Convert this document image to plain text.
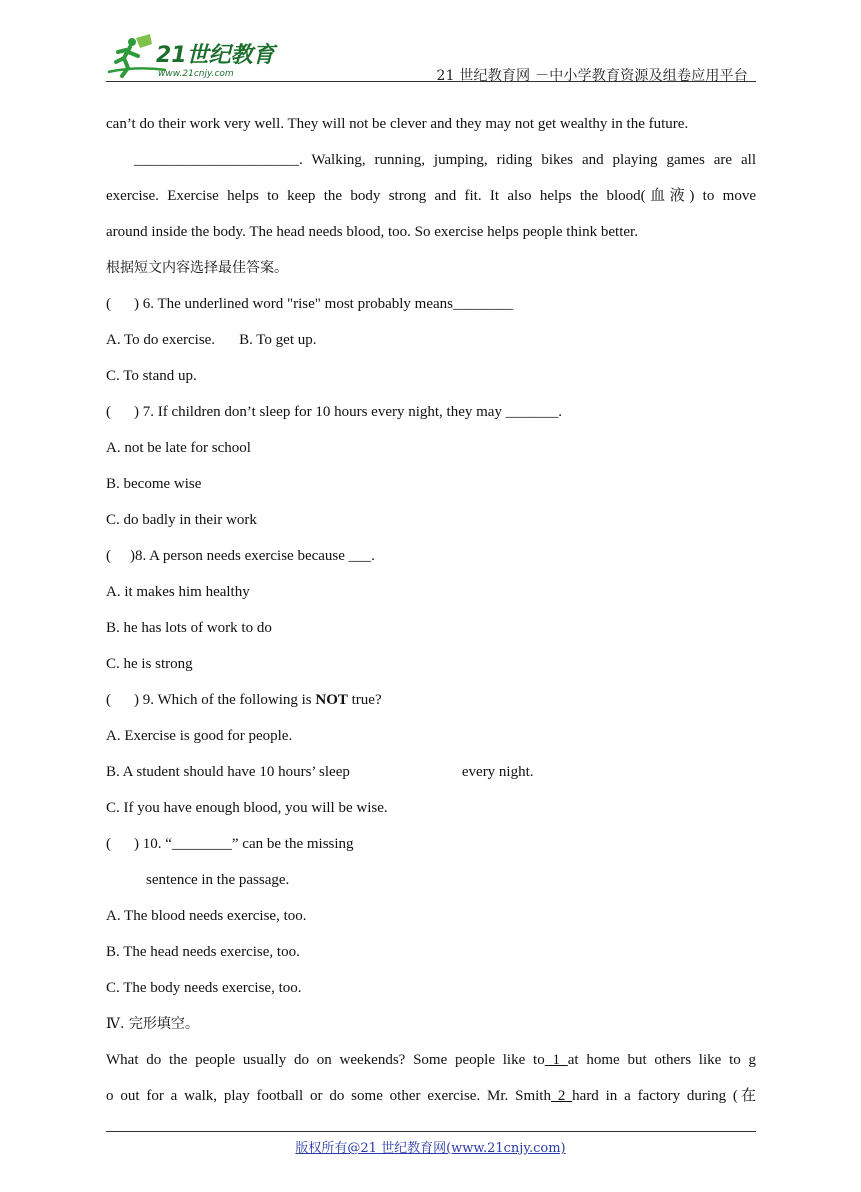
21世纪教育
www.21cnjy.com	21 世纪教育网 －中小学教育资源及组卷应用平台
can’t do their work very well. They will not be clever and they may not get wealthy in the future.
______________________. Walking, running, jumping, riding bikes and playing games are all
exercise. Exercise helps to keep the body strong and fit. It also helps the blood(血液) to move
around inside the body. The head needs blood, too. So exercise helps people think better.
根据短文内容选择最佳答案。
( ) 6. The underlined word "rise" most probably means________
A. To do exercise. B. To get up.
C. To stand up.
( ) 7. If children don’t sleep for 10 hours every night, they may _______.
A. not be late for school
B. become wise
C. do badly in their work
( )8. A person needs exercise because ___.
A. it makes him healthy
B. he has lots of work to do
C. he is strong
( ) 9. Which of the following is NOT true?
A. Exercise is good for people.
B. A student should have 10 hours’ sleep	every night.
C. If you have enough blood, you will be wise.
( ) 10. “________” can be the missing
sentence in the passage.
A. The blood needs exercise, too.
B. The head needs exercise, too.
C. The body needs exercise, too.
Ⅳ. 完形填空。
What do the people usually do on weekends? Some people like to 1 at home but others like to g
o out for a walk, play football or do some other exercise. Mr. Smith 2 hard in a factory during (在
版权所有@21 世纪教育网(www.21cnjy.com)
